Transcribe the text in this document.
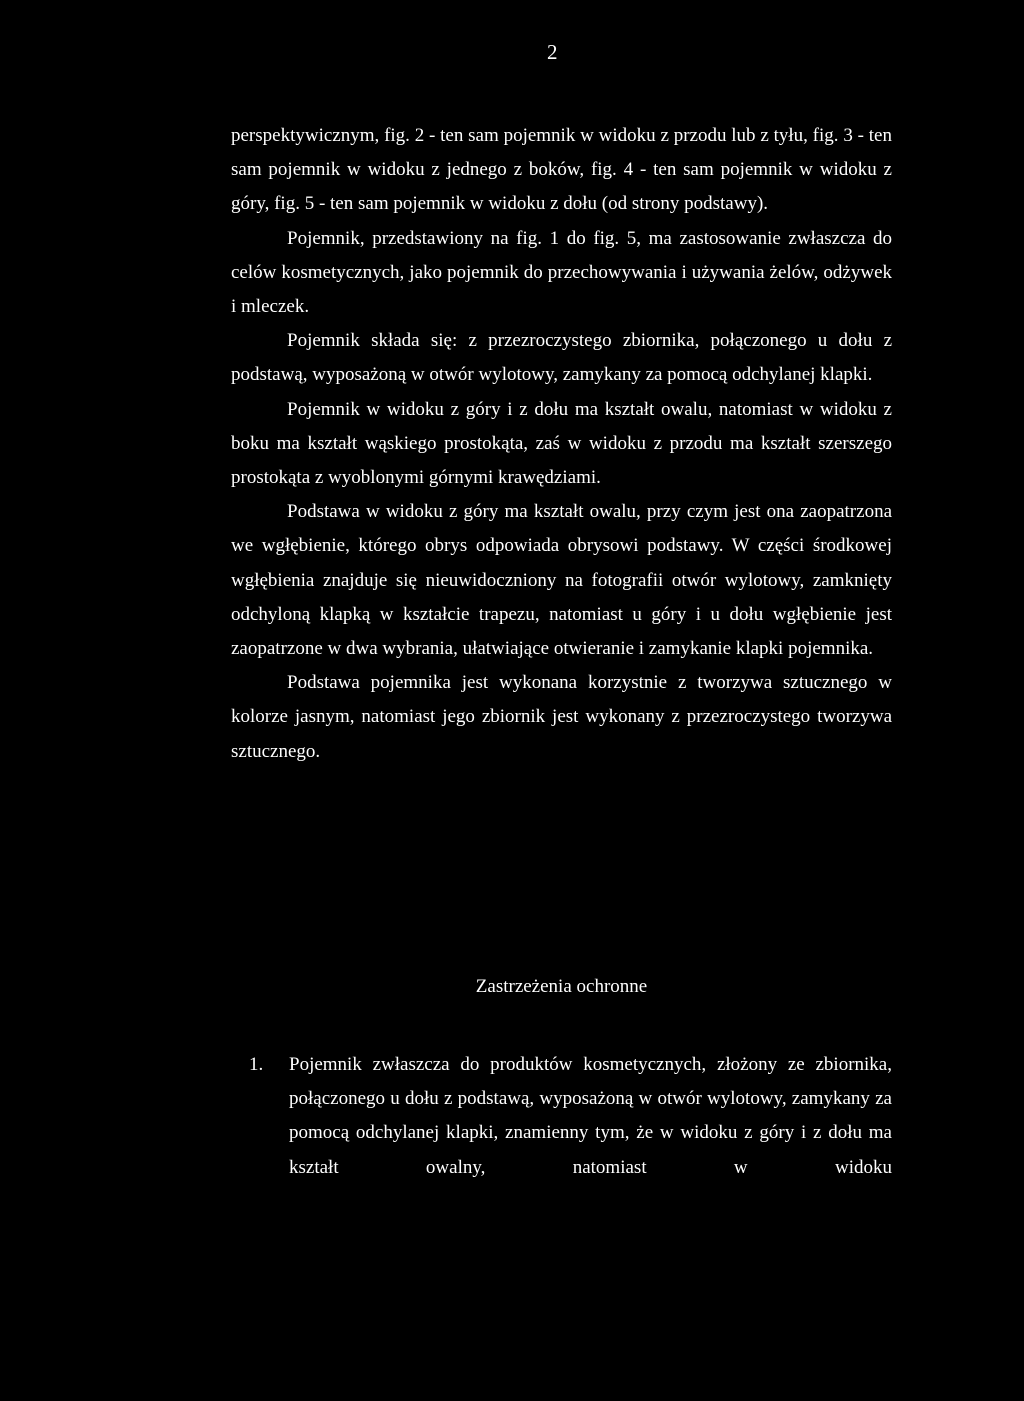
2

perspektywicznym, fig. 2 - ten sam pojemnik w widoku z przodu lub z tyłu, fig. 3 - ten sam pojemnik w widoku z jednego z boków, fig. 4 - ten sam pojemnik w widoku z góry, fig. 5 - ten sam pojemnik w widoku z dołu (od strony podstawy).

Pojemnik, przedstawiony na fig. 1 do fig. 5, ma zastosowanie zwłaszcza do celów kosmetycznych, jako pojemnik do przechowywania i używania żelów, odżywek i mleczek.

Pojemnik składa się: z przezroczystego zbiornika, połączonego u dołu z podstawą, wyposażoną w otwór wylotowy, zamykany za pomocą odchylanej klapki.

Pojemnik w widoku z góry i z dołu ma kształt owalu, natomiast w widoku z boku ma kształt wąskiego prostokąta, zaś w widoku z przodu ma kształt szerszego prostokąta z wyoblonymi górnymi krawędziami.

Podstawa w widoku z góry ma kształt owalu, przy czym jest ona zaopatrzona we wgłębienie, którego obrys odpowiada obrysowi podstawy. W części środkowej wgłębienia znajduje się nieuwidoczniony na fotografii otwór wylotowy, zamknięty odchyloną klapką w kształcie trapezu, natomiast u góry i u dołu wgłębienie jest zaopatrzone w dwa wybrania, ułatwiające otwieranie i zamykanie klapki pojemnika.

Podstawa pojemnika jest wykonana korzystnie z tworzywa sztucznego w kolorze jasnym, natomiast jego zbiornik jest wykonany z przezroczystego tworzywa sztucznego.

Zastrzeżenia ochronne
1.	Pojemnik zwłaszcza do produktów kosmetycznych, złożony ze zbiornika, połączonego u dołu z podstawą, wyposażoną w otwór wylotowy, zamykany za pomocą odchylanej klapki, znamienny tym, że w widoku z góry i z dołu ma kształt owalny, natomiast w widoku
